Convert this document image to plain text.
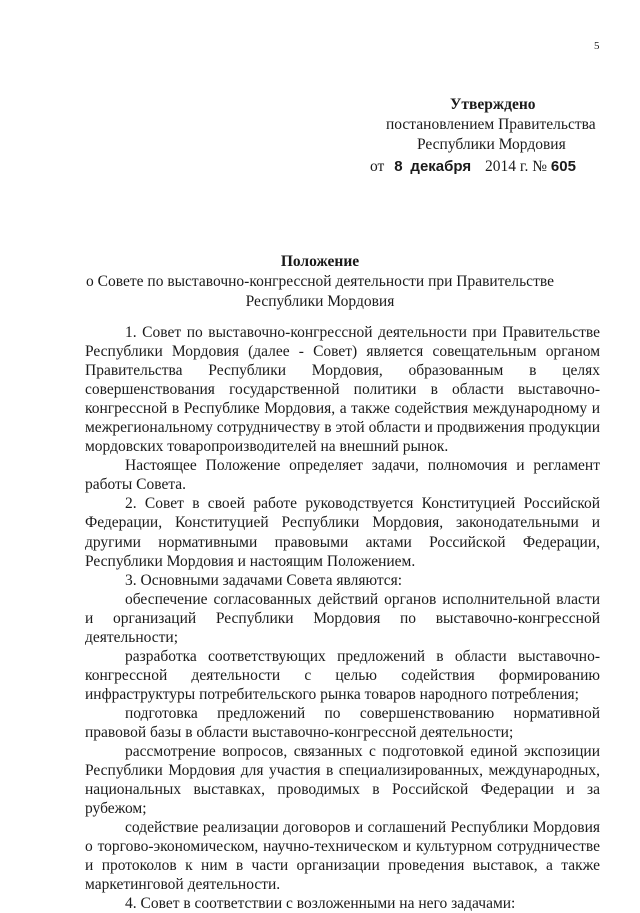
5
Утверждено
постановлением Правительства
Республики Мордовия
от 8 декабря 2014 г. № 605
Положение
о Совете по выставочно-конгрессной деятельности при Правительстве
Республики Мордовия
1. Совет по выставочно-конгрессной деятельности при Правительстве
Республики Мордовия (далее - Совет) является совещательным органом
Правительства Республики Мордовия, образованным в целях
совершенствования государственной политики в области выставочно-
конгрессной в Республике Мордовия, а также содействия международному и
межрегиональному сотрудничеству в этой области и продвижения продукции
мордовских товаропроизводителей на внешний рынок.
Настоящее Положение определяет задачи, полномочия и регламент
работы Совета.
2. Совет в своей работе руководствуется Конституцией Российской
Федерации, Конституцией Республики Мордовия, законодательными и
другими нормативными правовыми актами Российской Федерации,
Республики Мордовия и настоящим Положением.
3. Основными задачами Совета являются:
обеспечение согласованных действий органов исполнительной власти
и организаций Республики Мордовия по выставочно-конгрессной
деятельности;
разработка соответствующих предложений в области выставочно-
конгрессной деятельности с целью содействия формированию
инфраструктуры потребительского рынка товаров народного потребления;
подготовка предложений по совершенствованию нормативной
правовой базы в области выставочно-конгрессной деятельности;
рассмотрение вопросов, связанных с подготовкой единой экспозиции
Республики Мордовия для участия в специализированных, международных,
национальных выставках, проводимых в Российской Федерации и за
рубежом;
содействие реализации договоров и соглашений Республики Мордовия
о торгово-экономическом, научно-техническом и культурном сотрудничестве
и протоколов к ним в части организации проведения выставок, а также
маркетинговой деятельности.
4. Совет в соответствии с возложенными на него задачами:
